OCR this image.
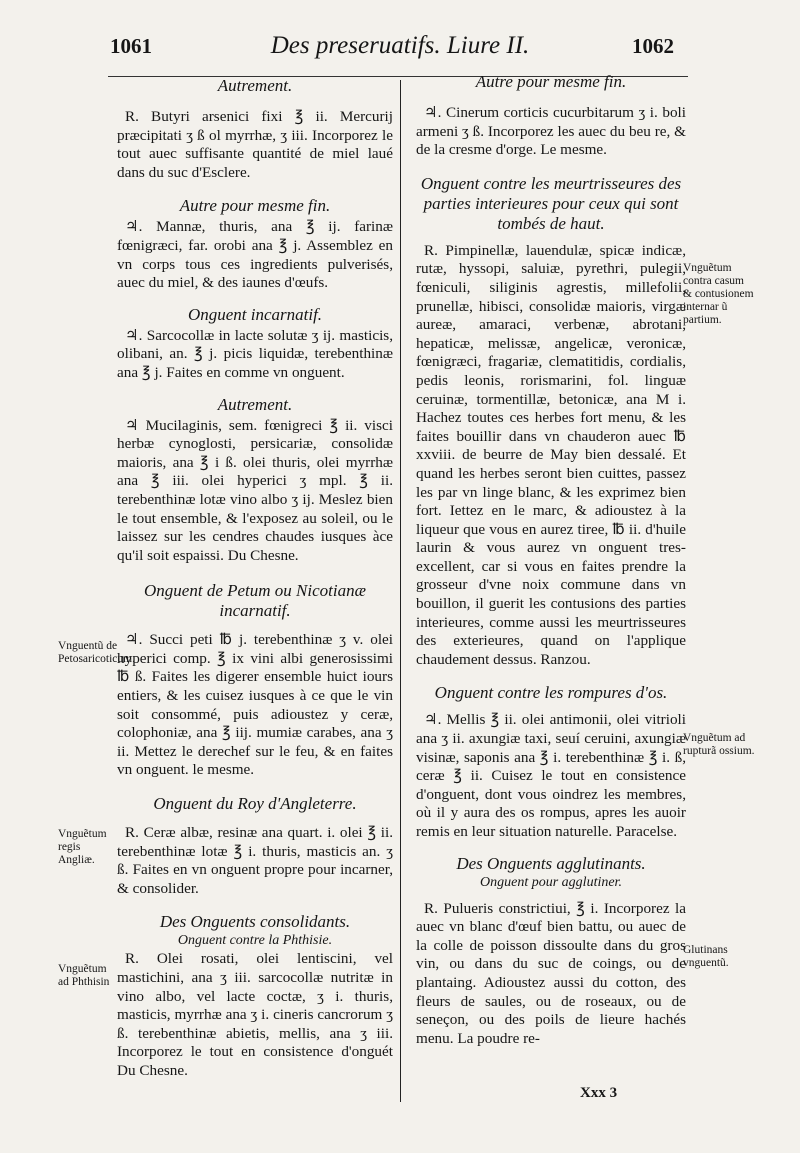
1061	Des preseruatifs. Liure II.	1062
Autrement.

R. Butyri arsenici fixi ℥ ii. Mercurij præcipitati ʒ ß ol myrrhæ, ʒ iii. Incorporez le tout auec suffisante quantité de miel laué dans du suc d'Esclere.

Autre pour mesme fin.

♃. Mannæ, thuris, ana ℥ ij. farinæ fœnigræci, far. orobi ana ℥ j. Assemblez en vn corps tous ces ingredients pulverisés, auec du miel, & des iaunes d'œufs.

Onguent incarnatif.

♃. Sarcocollæ in lacte solutæ ʒ ij. masticis, olibani, an. ℥ j. picis liquidæ, terebenthinæ ana ℥ j. Faites en comme vn onguent.

Autrement.

♃ Mucilaginis, sem. fœnigreci ℥ ii. visci herbæ cynoglosti, persicariæ, consolidæ maioris, ana ℥ i ß. olei thuris, olei myrrhæ ana ℥ iii. olei hyperici ʒ mpl. ℥ ii. terebenthinæ lotæ vino albo ʒ ij. Meslez bien le tout ensemble, & l'exposez au soleil, ou le laissez sur les cendres chaudes iusques àce qu'il soit espaissi. Du Chesne.

Onguent de Petum ou Nicotianæ incarnatif.

♃. Succi peti ℔ j. terebenthinæ ʒ v. olei hyperici comp. ℥ ix vini albi generosissimi ℔ ß. Faites les digerer ensemble huict iours entiers, & les cuisez iusques à ce que le vin soit consommé, puis adioustez y ceræ, colophoniæ, ana ℥ iij. mumiæ carabes, ana ʒ ii. Mettez le derechef sur le feu, & en faites vn onguent. le mesme.

Onguent du Roy d'Angleterre.

R. Ceræ albæ, resinæ ana quart. i. olei ℥ ii. terebenthinæ lotæ ℥ i. thuris, masticis an. ʒ ß. Faites en vn onguent propre pour incarner, & consolider.

Des Onguents consolidants.
Onguent contre la Phthisie.

R. Olei rosati, olei lentiscini, vel mastichini, ana ʒ iii. sarcocollæ nutritæ in vino albo, vel lacte coctæ, ʒ i. thuris, masticis, myrrhæ ana ʒ i. cineris cancrorum ʒ ß. terebenthinæ abietis, mellis, ana ʒ iii. Incorporez le tout en consistence d'onguét Du Chesne.

Autre pour mesme fin.

♃. Cinerum corticis cucurbitarum ʒ i. boli armeni ʒ ß. Incorporez les auec du beu re, & de la cresme d'orge. Le mesme.

Onguent contre les meurtrisseures des parties interieures pour ceux qui sont tombés de haut.

R. Pimpinellæ, lauendulæ, spicæ indicæ, rutæ, hyssopi, saluiæ, pyrethri, pulegii, fœniculi, siliginis agrestis, millefolii, prunellæ, hibisci, consolidæ maioris, virgæ aureæ, amaraci, verbenæ, abrotani, hepaticæ, melissæ, angelicæ, veronicæ, fœnigræci, fragariæ, clematitidis, cordialis, pedis leonis, rorismarini, fol. linguæ ceruinæ, tormentillæ, betonicæ, ana M i. Hachez toutes ces herbes fort menu, & les faites bouillir dans vn chauderon auec ℔ xxviii. de beurre de May bien dessalé. Et quand les herbes seront bien cuittes, passez les par vn linge blanc, & les exprimez bien fort. Iettez en le marc, & adioustez à la liqueur que vous en aurez tiree, ℔ ii. d'huile laurin & vous aurez vn onguent tres-excellent, car si vous en faites prendre la grosseur d'vne noix commune dans vn bouillon, il guerit les contusions des parties interieures, comme aussi les meurtrisseures des exterieures, quand on l'applique chaudement dessus. Ranzou.

Onguent contre les rompures d'os.

♃. Mellis ℥ ii. olei antimonii, olei vitrioli ana ʒ ii. axungiæ taxi, seuí ceruini, axungiæ visinæ, saponis ana ℥ i. terebenthinæ ℥ i. ß, ceræ ℥ ii. Cuisez le tout en consistence d'onguent, dont vous oindrez les membres, où il y aura des os rompus, apres les auoir remis en leur situation naturelle. Paracelse.

Des Onguents agglutinants.
Onguent pour agglutiner.

R. Pulueris constrictiui, ℥ i. Incorporez la auec vn blanc d'œuf bien battu, ou auec de la colle de poisson dissoulte dans du gros vin, ou dans du suc de coings, ou de plantaing. Adioustez aussi du cotton, des fleurs de saules, ou de roseaux, ou de seneçon, ou des poils de lieure hachés menu. La poudre re-

Vnguentũ de Petosaricoticum.
Vnguẽtum regis Angliæ.
Vnguẽtum ad Phthisin
Vnguẽtum contra casum & contusionem internar ũ partium.
Vnguẽtum ad rupturã ossium.
Glutinans vnguentũ.
Xxx 3
